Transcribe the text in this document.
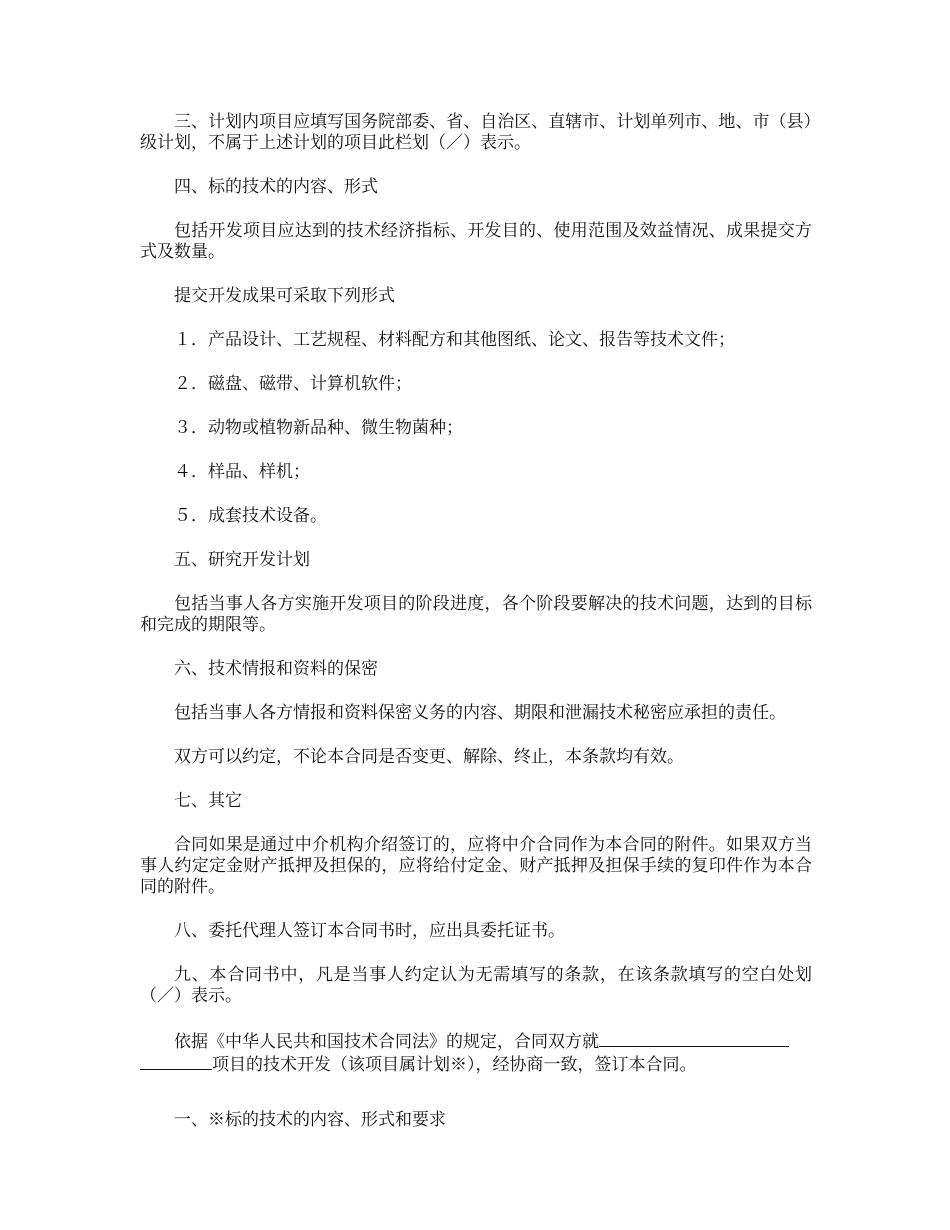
三、计划内项目应填写国务院部委、省、自治区、直辖市、计划单列市、地、市（县）级计划，不属于上述计划的项目此栏划（／）表示。

四、标的技术的内容、形式

包括开发项目应达到的技术经济指标、开发目的、使用范围及效益情况、成果提交方式及数量。

提交开发成果可采取下列形式

１．产品设计、工艺规程、材料配方和其他图纸、论文、报告等技术文件；

２．磁盘、磁带、计算机软件；

３．动物或植物新品种、微生物菌种；

４．样品、样机；

５．成套技术设备。

五、研究开发计划

包括当事人各方实施开发项目的阶段进度，各个阶段要解决的技术问题，达到的目标和完成的期限等。

六、技术情报和资料的保密

包括当事人各方情报和资料保密义务的内容、期限和泄漏技术秘密应承担的责任。

双方可以约定，不论本合同是否变更、解除、终止，本条款均有效。

七、其它

合同如果是通过中介机构介绍签订的，应将中介合同作为本合同的附件。如果双方当事人约定定金财产抵押及担保的，应将给付定金、财产抵押及担保手续的复印件作为本合同的附件。

八、委托代理人签订本合同书时，应出具委托证书。

九、本合同书中，凡是当事人约定认为无需填写的条款，在该条款填写的空白处划（／）表示。

依据《中华人民共和国技术合同法》的规定，合同双方就
项目的技术开发（该项目属计划※），经协商一致，签订本合同。

一、※标的技术的内容、形式和要求
